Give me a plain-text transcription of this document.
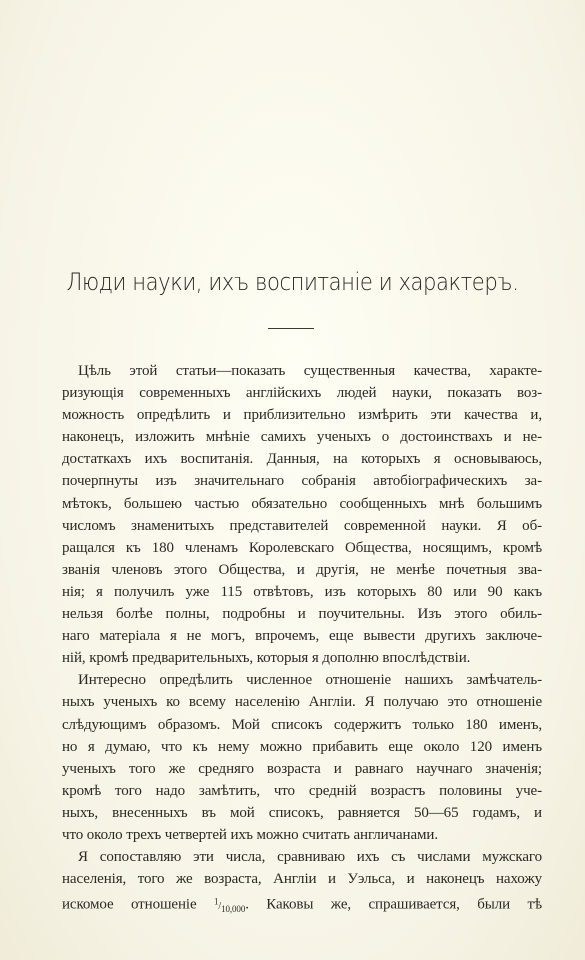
Люди науки, ихъ воспитаніе и характеръ.
Цѣль этой статьи—показать существенныя качества, характе-
ризующія современныхъ англійскихъ людей науки, показать воз-
можность опредѣлить и приблизительно измѣрить эти качества и,
наконецъ, изложить мнѣніе самихъ ученыхъ о достоинствахъ и не-
достаткахъ ихъ воспитанія. Данныя, на которыхъ я основываюсь,
почерпнуты изъ значительнаго собранія автобіографическихъ за-
мѣтокъ, большею частью обязательно сообщенныхъ мнѣ большимъ
числомъ знаменитыхъ представителей современной науки. Я об-
ращался къ 180 членамъ Королевскаго Общества, носящимъ, кромѣ
званія членовъ этого Общества, и другія, не менѣе почетныя зва-
нія; я получилъ уже 115 отвѣтовъ, изъ которыхъ 80 или 90 какъ
нельзя болѣе полны, подробны и поучительны. Изъ этого обиль-
наго матеріала я не могъ, впрочемъ, еще вывести другихъ заключе-
ній, кромѣ предварительныхъ, которыя я дополню впослѣдствіи.
Интересно опредѣлить численное отношеніе нашихъ замѣчатель-
ныхъ ученыхъ ко всему населенію Англіи. Я получаю это отношеніе
слѣдующимъ образомъ. Мой списокъ содержитъ только 180 именъ,
но я думаю, что къ нему можно прибавить еще около 120 именъ
ученыхъ того же средняго возраста и равнаго научнаго значенія;
кромѣ того надо замѣтить, что средній возрастъ половины уче-
ныхъ, внесенныхъ въ мой списокъ, равняется 50—65 годамъ, и
что около трехъ четвертей ихъ можно считать англичанами.
Я сопоставляю эти числа, сравниваю ихъ съ числами мужскаго
населенія, того же возраста, Англіи и Уэльса, и наконецъ нахожу
искомое отношеніе $^1/_{10,000}$. Каковы же, спрашивается, были тѣ
